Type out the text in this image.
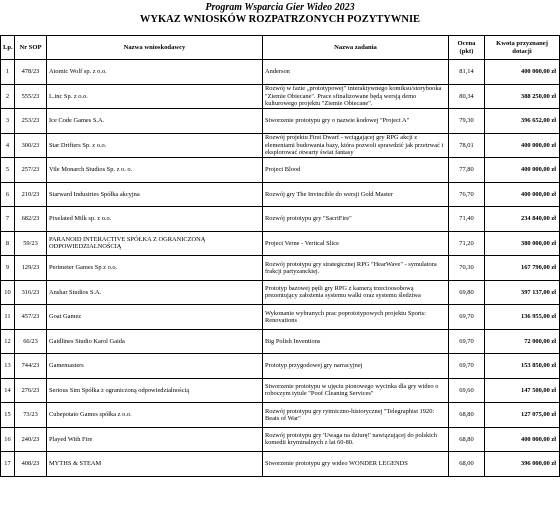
Program Wsparcia Gier Wideo 2023
WYKAZ WNIOSKÓW ROZPATRZONYCH POZYTYWNIE
Lp.	Nr SOP	Nazwa wnioskodawcy	Nazwa zadania	Ocena (pkt)	Kwota przyznanej dotacji
1	478/23	Atomic Wolf sp. z o.o.	Anderson	81,14	400 000,00 zł
2	555/23	L.inc Sp. z o.o.	Rozwój w fazie „prototypowej" interaktywnego komiksu/storybooka "Ziemie Obiecane". Prace sfinalizowane będą wersją demo kulturowego projektu "Ziemie Obiecane".	80,34	388 250,00 zł
3	253/23	Ice Code Games S.A.	Stworzenie prototypu gry o nazwie kodowej "Project A"	79,30	396 652,00 zł
4	300/23	Star Drifters Sp. z o.o.	Rozwój projektu First Dwarf - wciągającej gry RPG akcji z elementami budowania bazy, która pozwoli sprawdzić jak przetrwać i eksplorować otwarty świat fantasy	78,01	400 000,00 zł
5	257/23	Vile Monarch Studios Sp. z o. o.	Project Blood	77,80	400 000,00 zł
6	210/23	Starward Industries Spółka akcyjna	Rozwój gry The Invincible do wersji Gold Master	76,70	400 000,00 zł
7	682/23	Pixelated Milk sp. z o.o.	Rozwój prototypu gry "SacriFire"	71,40	234 840,00 zł
8	59/23	PARANOID INTERACTIVE SPÓŁKA Z OGRANICZONĄ ODPOWIEDZIALNOŚCIĄ	Project Verne - Vertical Slice	71,20	380 000,00 zł
9	129/23	Perimeter Games Sp z o.o.	Rozwój prototypu gry strategicznej RPG "HearWave" - symulatora frakcji partyzanckiej.	70,30	167 790,00 zł
10	316/23	Anshar Studios S.A.	Prototyp bazowej pętli gry RPG z kamerą trzecioosobową prezentujący założenia systemu walki oraz systemu śledztwa	69,80	397 137,00 zł
11	457/23	Goat Gamez	Wykonanie wybranych prac poprototypowych projektu Sports: Renovations	69,70	136 955,00 zł
12	66/23	Gaidlines Studio Karol Gaida	Big Polish Inventions	69,70	72 000,00 zł
13	744/23	Gamemasters	Prototyp przygodowej gry narracyjnej	69,70	153 850,00 zł
14	276/23	Serious Sim Spółka z ograniczoną odpowiedzialnością	Stworzenie prototypu w ujęciu pionowego wycinka dla gry wideo o roboczym tytule "Poof Cleaning Services"	69,60	147 500,00 zł
15	73/23	Cubepotato Games spółka z o.o.	Rozwój prototypu gry rytmiczno-historycznej "Telegraphist 1920: Beats of War"	68,80	127 075,00 zł
16	240/23	Played With Fire	Rozwój prototypu gry 'Uwaga na dziurę!' nawiązującej do polskich komedii kryminalnych z lat 60-80.	68,80	400 000,00 zł
17	408/23	MYTHS & STEAM	Stworzenie prototypu gry wideo WONDER LEGENDS	68,00	396 000,00 zł
